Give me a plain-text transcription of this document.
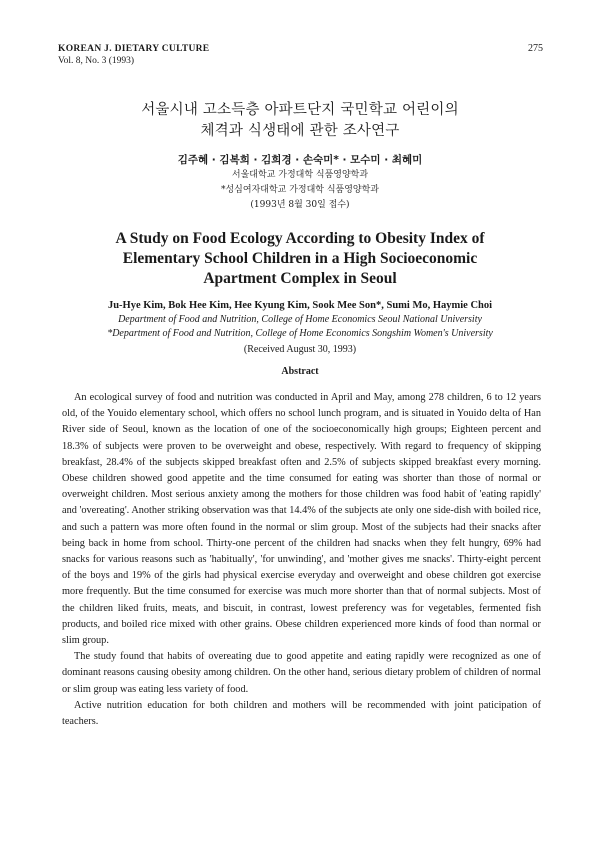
KOREAN J. DIETARY CULTURE
Vol. 8, No. 3 (1993)
275
서울시내 고소득층 아파트단지 국민학교 어린이의
체격과 식생태에 관한 조사연구
김주혜 · 김복희 · 김희경 · 손숙미* · 모수미 · 최혜미
서울대학교 가정대학 식품영양학과
*성심여자대학교 가정대학 식품영양학과
(1993년 8월 30일 접수)
A Study on Food Ecology According to Obesity Index of
Elementary School Children in a High Socioeconomic
Apartment Complex in Seoul
Ju-Hye Kim, Bok Hee Kim, Hee Kyung Kim, Sook Mee Son*, Sumi Mo, Haymie Choi
Department of Food and Nutrition, College of Home Economics Seoul National University
*Department of Food and Nutrition, College of Home Economics Songshim Women's University
(Received August 30, 1993)
Abstract

An ecological survey of food and nutrition was conducted in April and May, among 278 children, 6 to 12 years old, of the Youido elementary school, which offers no school lunch program, and is situated in Youido delta of Han River side of Seoul, known as the location of one of the socioeconomically high groups; Eighteen percent and 18.3% of subjects were proven to be overweight and obese, respectively. With regard to frequency of skipping breakfast, 28.4% of the subjects skipped breakfast often and 2.5% of subjects skipped breakfast every morning. Obese children showed good appetite and the time consumed for eating was shorter than those of normal or overweight children. Most serious anxiety among the mothers for those children was food habit of 'eating rapidly' and 'overeating'. Another striking observation was that 14.4% of the subjects ate only one side-dish with boiled rice, and such a pattern was more often found in the normal or slim group. Most of the subjects had their snacks after being back in home from school. Thirty-one percent of the children had snacks when they felt hungry, 69% had snacks for various reasons such as 'habitually', 'for unwinding', and 'mother gives me snacks'. Thirty-eight percent of the boys and 19% of the girls had physical exercise everyday and overweight and obese children got exercise more frequently. But the time consumed for exercise was much more shorter than that of normal subjects. Most of the children liked fruits, meats, and biscuit, in contrast, lowest preferency was for vegetables, fermented fish products, and boiled rice mixed with other grains. Obese children experienced more kinds of food than normal or slim group.

The study found that habits of overeating due to good appetite and eating rapidly were recognized as one of dominant reasons causing obesity among children. On the other hand, serious dietary problem of children of normal or slim group was eating less variety of food.

Active nutrition education for both children and mothers will be recommended with joint paticipation of teachers.
